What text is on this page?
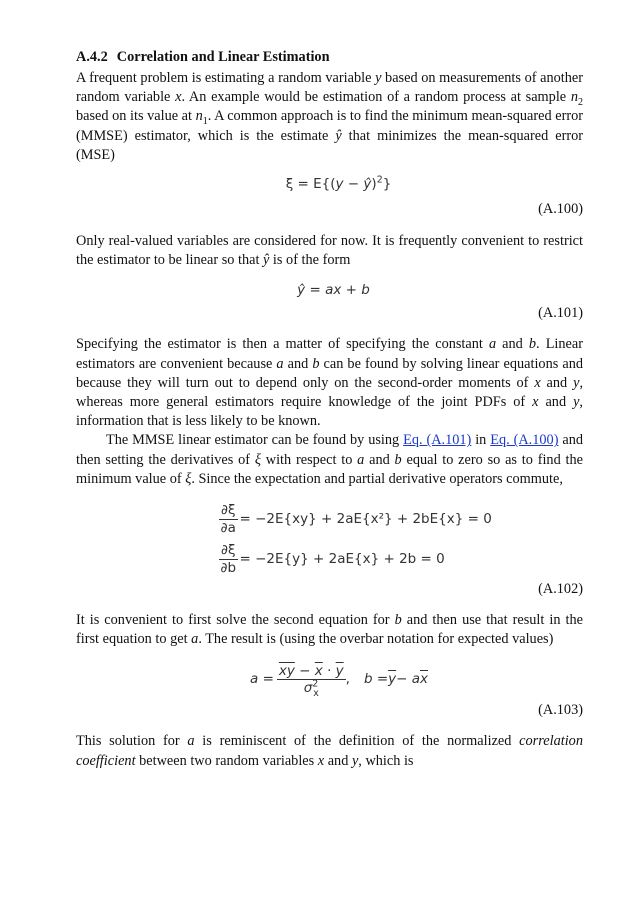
A.4.2 Correlation and Linear Estimation

A frequent problem is estimating a random variable y based on measurements of another random variable x. An example would be estimation of a random process at sample $n_2$ based on its value at $n_1$. A common approach is to find the minimum mean-squared error (MMSE) estimator, which is the estimate ŷ that minimizes the mean-squared error (MSE)

ξ = E{(y − ŷ)$^2$}
(A.100)

Only real-valued variables are considered for now. It is frequently convenient to restrict the estimator to be linear so that ŷ is of the form

ŷ = ax + b
(A.101)

Specifying the estimator is then a matter of specifying the constant a and b. Linear estimators are convenient because a and b can be found by solving linear equations and because they will turn out to depend only on the second-order moments of x and y, whereas more general estimators require knowledge of the joint PDFs of x and y, information that is less likely to be known.

The MMSE linear estimator can be found by using Eq. (A.101) in Eq. (A.100) and then setting the derivatives of ξ with respect to a and b equal to zero so as to find the minimum value of ξ. Since the expectation and partial derivative operators commute,

$\frac{\partial\xi}{\partial a} = -2E\{xy\} + 2aE\{x^2\} + 2bE\{x\} = 0$
$\frac{\partial\xi}{\partial b} = -2E\{y\} + 2aE\{x\} + 2b = 0$
(A.102)

It is convenient to first solve the second equation for b and then use that result in the first equation to get a. The result is (using the overbar notation for expected values)

$a = \frac{\overline{xy} - \overline{x} \cdot \overline{y}}{\sigma^2_x}$ , $b = \overline{y} - a$ $\overline{x}$
(A.103)

This solution for a is reminiscent of the definition of the normalized correlation coefficient between two random variables x and y, which is
